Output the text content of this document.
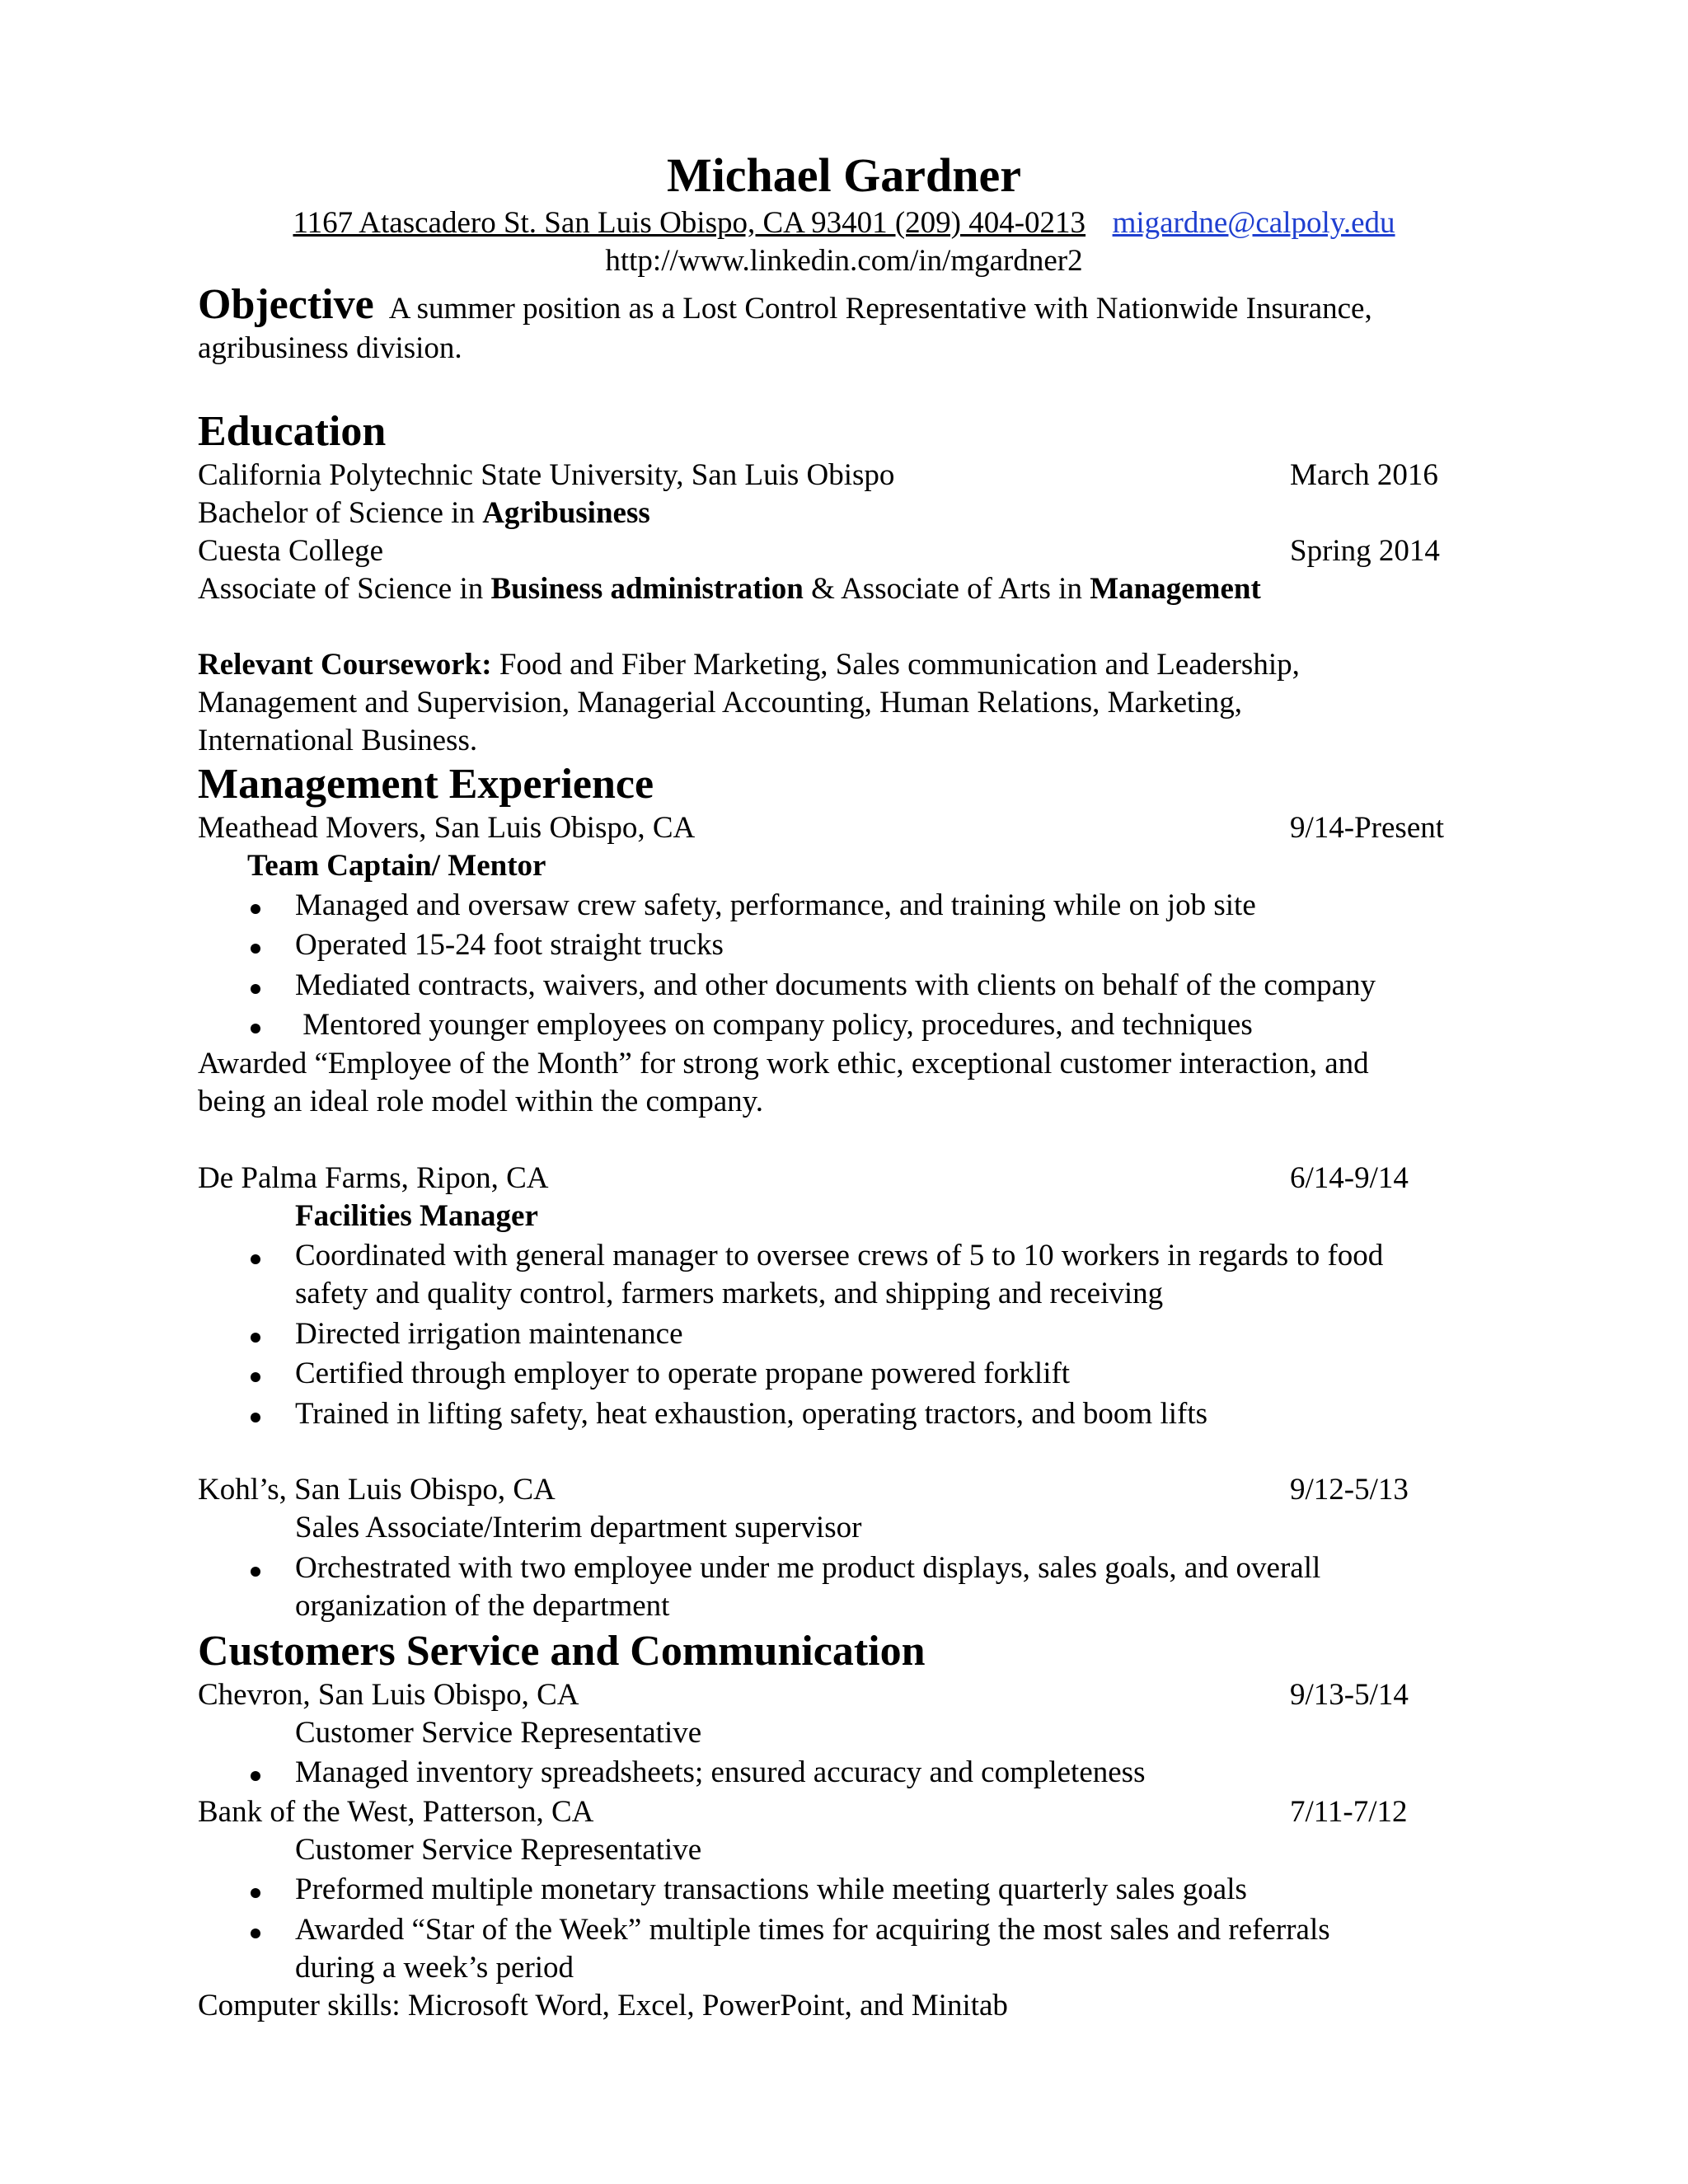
Michael Gardner
1167 Atascadero St. San Luis Obispo, CA 93401 (209) 404-0213 migardne@calpoly.edu
http://www.linkedin.com/in/mgardner2
Objective A summer position as a Lost Control Representative with Nationwide Insurance,
agribusiness division.
Education
California Polytechnic State University, San Luis Obispo	March 2016
Bachelor of Science in Agribusiness
Cuesta College	Spring 2014
Associate of Science in Business administration & Associate of Arts in Management
Relevant Coursework: Food and Fiber Marketing, Sales communication and Leadership,
Management and Supervision, Managerial Accounting, Human Relations, Marketing,
International Business.
Management Experience
Meathead Movers, San Luis Obispo, CA	9/14-Present
Team Captain/ Mentor
Managed and oversaw crew safety, performance, and training while on job site
Operated 15-24 foot straight trucks
Mediated contracts, waivers, and other documents with clients on behalf of the company
Mentored younger employees on company policy, procedures, and techniques
Awarded “Employee of the Month” for strong work ethic, exceptional customer interaction, and
being an ideal role model within the company.
De Palma Farms, Ripon, CA	6/14-9/14
Facilities Manager
Coordinated with general manager to oversee crews of 5 to 10 workers in regards to food
safety and quality control, farmers markets, and shipping and receiving
Directed irrigation maintenance
Certified through employer to operate propane powered forklift
Trained in lifting safety, heat exhaustion, operating tractors, and boom lifts
Kohl’s, San Luis Obispo, CA	9/12-5/13
Sales Associate/Interim department supervisor
Orchestrated with two employee under me product displays, sales goals, and overall
organization of the department
Customers Service and Communication
Chevron, San Luis Obispo, CA	9/13-5/14
Customer Service Representative
Managed inventory spreadsheets; ensured accuracy and completeness
Bank of the West, Patterson, CA	7/11-7/12
Customer Service Representative
Preformed multiple monetary transactions while meeting quarterly sales goals
Awarded “Star of the Week” multiple times for acquiring the most sales and referrals
during a week’s period
Computer skills: Microsoft Word, Excel, PowerPoint, and Minitab
